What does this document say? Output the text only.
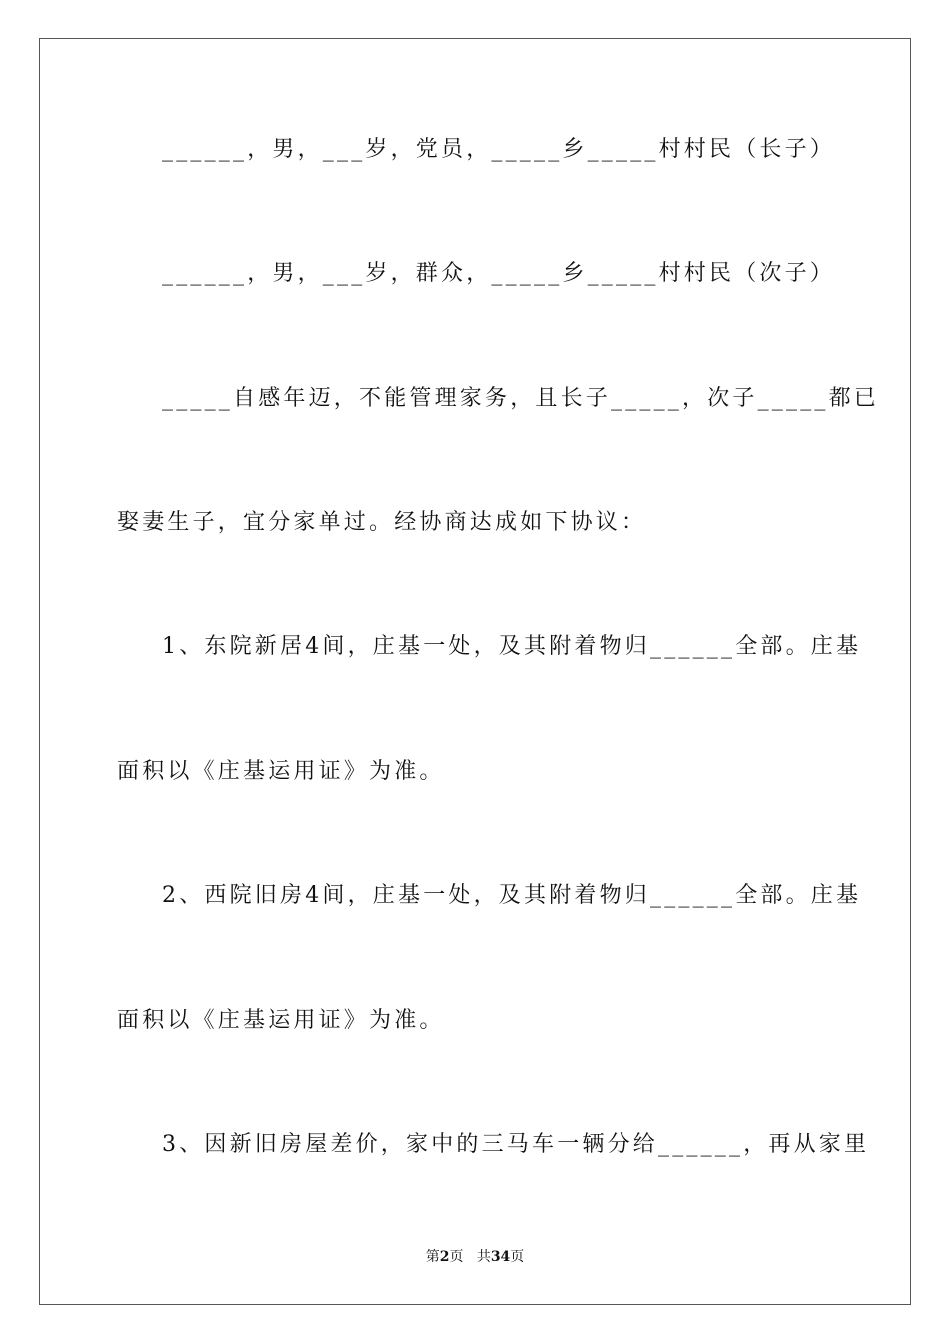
______，男，___岁，党员，_____乡_____村村民（长子）
______，男，___岁，群众，_____乡_____村村民（次子）
_____自感年迈，不能管理家务，且长子_____，次子_____都已
娶妻生子，宜分家单过。经协商达成如下协议：
1、东院新居4间，庄基一处，及其附着物归______全部。庄基
面积以《庄基运用证》为准。
2、西院旧房4间，庄基一处，及其附着物归______全部。庄基
面积以《庄基运用证》为准。
3、因新旧房屋差价，家中的三马车一辆分给______，再从家里
第2页 共34页
